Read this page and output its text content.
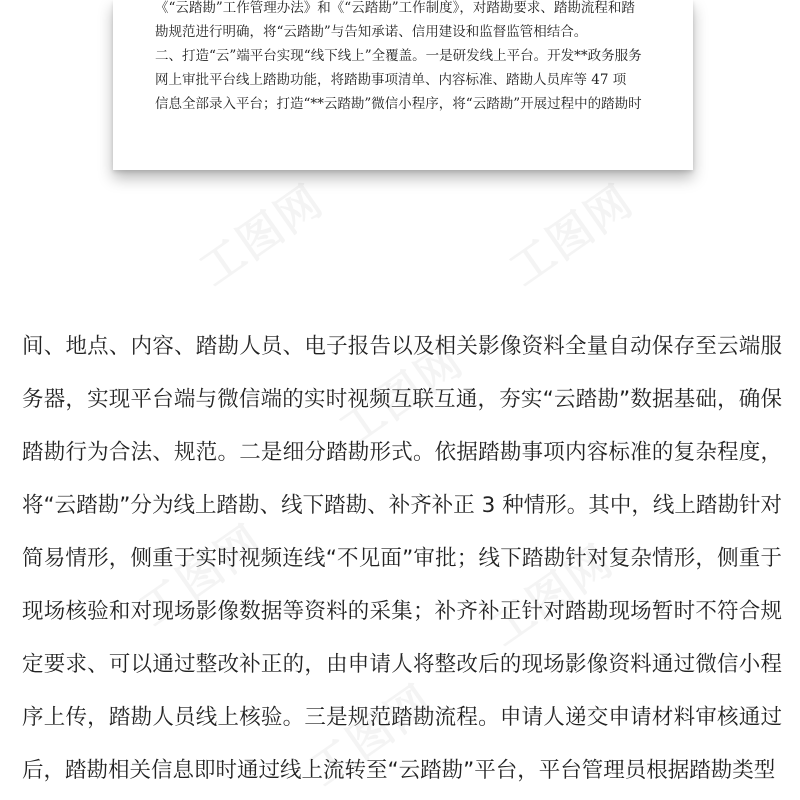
《“云踏勘”工作管理办法》和《“云踏勘”工作制度》，对踏勘要求、踏勘流程和踏
勘规范进行明确，将“云踏勘”与告知承诺、信用建设和监督监管相结合。
二、打造“云”端平台实现“线下线上”全覆盖。一是研发线上平台。开发**政务服务
网上审批平台线上踏勘功能，将踏勘事项清单、内容标准、踏勘人员库等 47 项
信息全部录入平台；打造“**云踏勘”微信小程序，将“云踏勘”开展过程中的踏勘时

间、地点、内容、踏勘人员、电子报告以及相关影像资料全量自动保存至云端服
务器，实现平台端与微信端的实时视频互联互通，夯实“云踏勘”数据基础，确保
踏勘行为合法、规范。二是细分踏勘形式。依据踏勘事项内容标准的复杂程度，
将“云踏勘”分为线上踏勘、线下踏勘、补齐补正 3 种情形。其中，线上踏勘针对
简易情形，侧重于实时视频连线“不见面”审批；线下踏勘针对复杂情形，侧重于
现场核验和对现场影像数据等资料的采集；补齐补正针对踏勘现场暂时不符合规
定要求、可以通过整改补正的，由申请人将整改后的现场影像资料通过微信小程
序上传，踏勘人员线上核验。三是规范踏勘流程。申请人递交申请材料审核通过
后，踏勘相关信息即时通过线上流转至“云踏勘”平台，平台管理员根据踏勘类型
